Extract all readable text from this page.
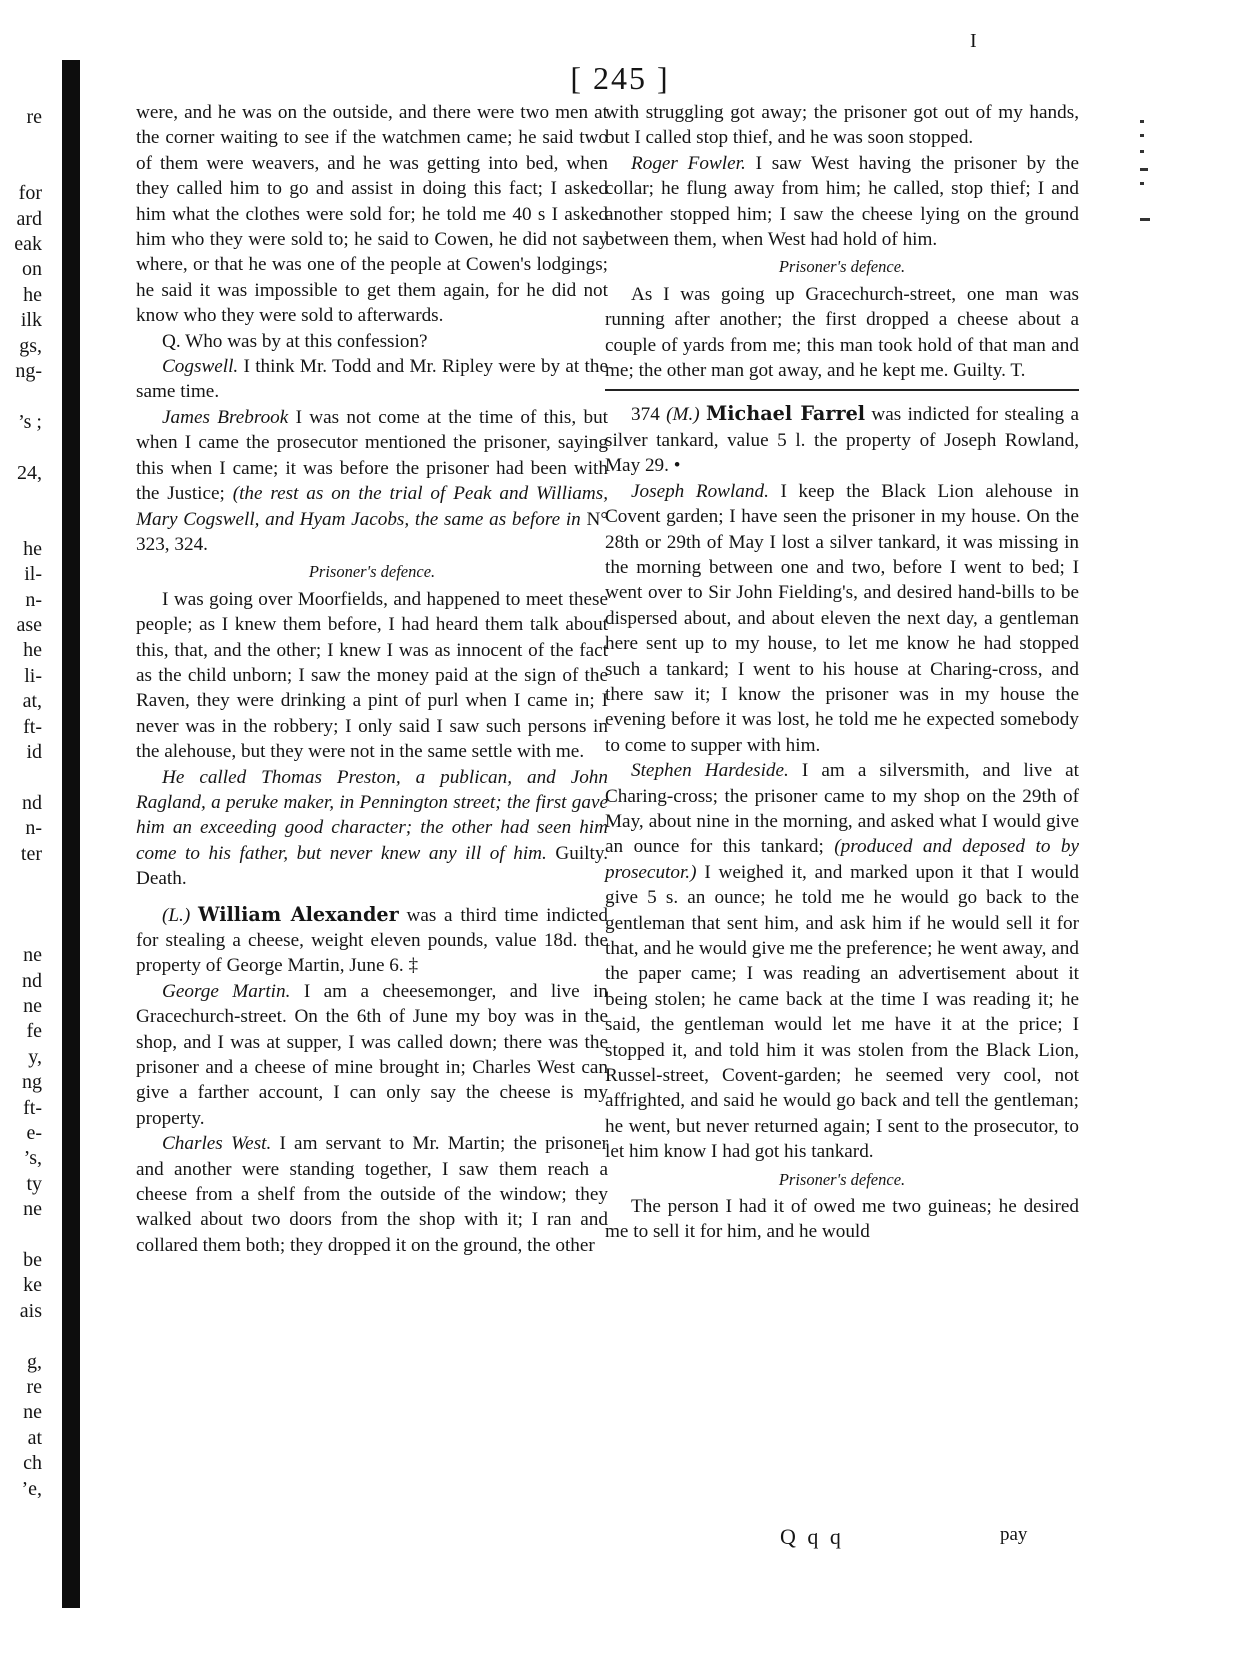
I
re
for
ard
eak
on
he
ilk
gs,
ng-
’s ;
24,
he
il-
n-
ase
he
li-
at,
ft-
id
nd
n-
ter
ne
nd
ne
fe
y,
ng
ft-
e-
’s,
ty
ne
be
ke
ais
g,
re
ne
at
ch
’e,
[ 245 ]

were, and he was on the outside, and there were two men at the corner waiting to see if the watchmen came; he said two of them were weavers, and he was getting into bed, when they called him to go and assist in doing this fact; I asked him what the clothes were sold for; he told me 40 s I asked him who they were sold to; he said to Cowen, he did not say where, or that he was one of the people at Cowen's lodgings; he said it was impossible to get them again, for he did not know who they were sold to afterwards.

Q. Who was by at this confession?

Cogswell. I think Mr. Todd and Mr. Ripley were by at the same time.

James Brebrook I was not come at the time of this, but when I came the prosecutor mentioned the prisoner, saying this when I came; it was before the prisoner had been with the Justice; (the rest as on the trial of Peak and Williams, Mary Cogswell, and Hyam Jacobs, the same as before in N° 323, 324.

Prisoner's defence.

I was going over Moorfields, and happened to meet these people; as I knew them before, I had heard them talk about this, that, and the other; I knew I was as innocent of the fact as the child unborn; I saw the money paid at the sign of the Raven, they were drinking a pint of purl when I came in; I never was in the robbery; I only said I saw such persons in the alehouse, but they were not in the same settle with me.

He called Thomas Preston, a publican, and John Ragland, a peruke maker, in Pennington street; the first gave him an exceeding good character; the other had seen him come to his father, but never knew any ill of him. Guilty. Death.

(L.) William Alexander was a third time indicted for stealing a cheese, weight eleven pounds, value 18d. the property of George Martin, June 6. ‡

George Martin. I am a cheesemonger, and live in Gracechurch-street. On the 6th of June my boy was in the shop, and I was at supper, I was called down; there was the prisoner and a cheese of mine brought in; Charles West can give a farther account, I can only say the cheese is my property.

Charles West. I am servant to Mr. Martin; the prisoner and another were standing together, I saw them reach a cheese from a shelf from the outside of the window; they walked about two doors from the shop with it; I ran and collared them both; they dropped it on the ground, the other

with struggling got away; the prisoner got out of my hands, but I called stop thief, and he was soon stopped.

Roger Fowler. I saw West having the prisoner by the collar; he flung away from him; he called, stop thief; I and another stopped him; I saw the cheese lying on the ground between them, when West had hold of him.

Prisoner's defence.

As I was going up Gracechurch-street, one man was running after another; the first dropped a cheese about a couple of yards from me; this man took hold of that man and me; the other man got away, and he kept me. Guilty. T.

374 (M.) Michael Farrel was indicted for stealing a silver tankard, value 5 l. the property of Joseph Rowland, May 29. •

Joseph Rowland. I keep the Black Lion alehouse in Covent garden; I have seen the prisoner in my house. On the 28th or 29th of May I lost a silver tankard, it was missing in the morning between one and two, before I went to bed; I went over to Sir John Fielding's, and desired hand-bills to be dispersed about, and about eleven the next day, a gentleman here sent up to my house, to let me know he had stopped such a tankard; I went to his house at Charing-cross, and there saw it; I know the prisoner was in my house the evening before it was lost, he told me he expected somebody to come to supper with him.

Stephen Hardeside. I am a silversmith, and live at Charing-cross; the prisoner came to my shop on the 29th of May, about nine in the morning, and asked what I would give an ounce for this tankard; (produced and deposed to by prosecutor.) I weighed it, and marked upon it that I would give 5 s. an ounce; he told me he would go back to the gentleman that sent him, and ask him if he would sell it for that, and he would give me the preference; he went away, and the paper came; I was reading an advertisement about it being stolen; he came back at the time I was reading it; he said, the gentleman would let me have it at the price; I stopped it, and told him it was stolen from the Black Lion, Russel-street, Covent-garden; he seemed very cool, not affrighted, and said he would go back and tell the gentleman; he went, but never returned again; I sent to the prosecutor, to let him know I had got his tankard.

Prisoner's defence.

The person I had it of owed me two guineas; he desired me to sell it for him, and he would

Q q q	pay
